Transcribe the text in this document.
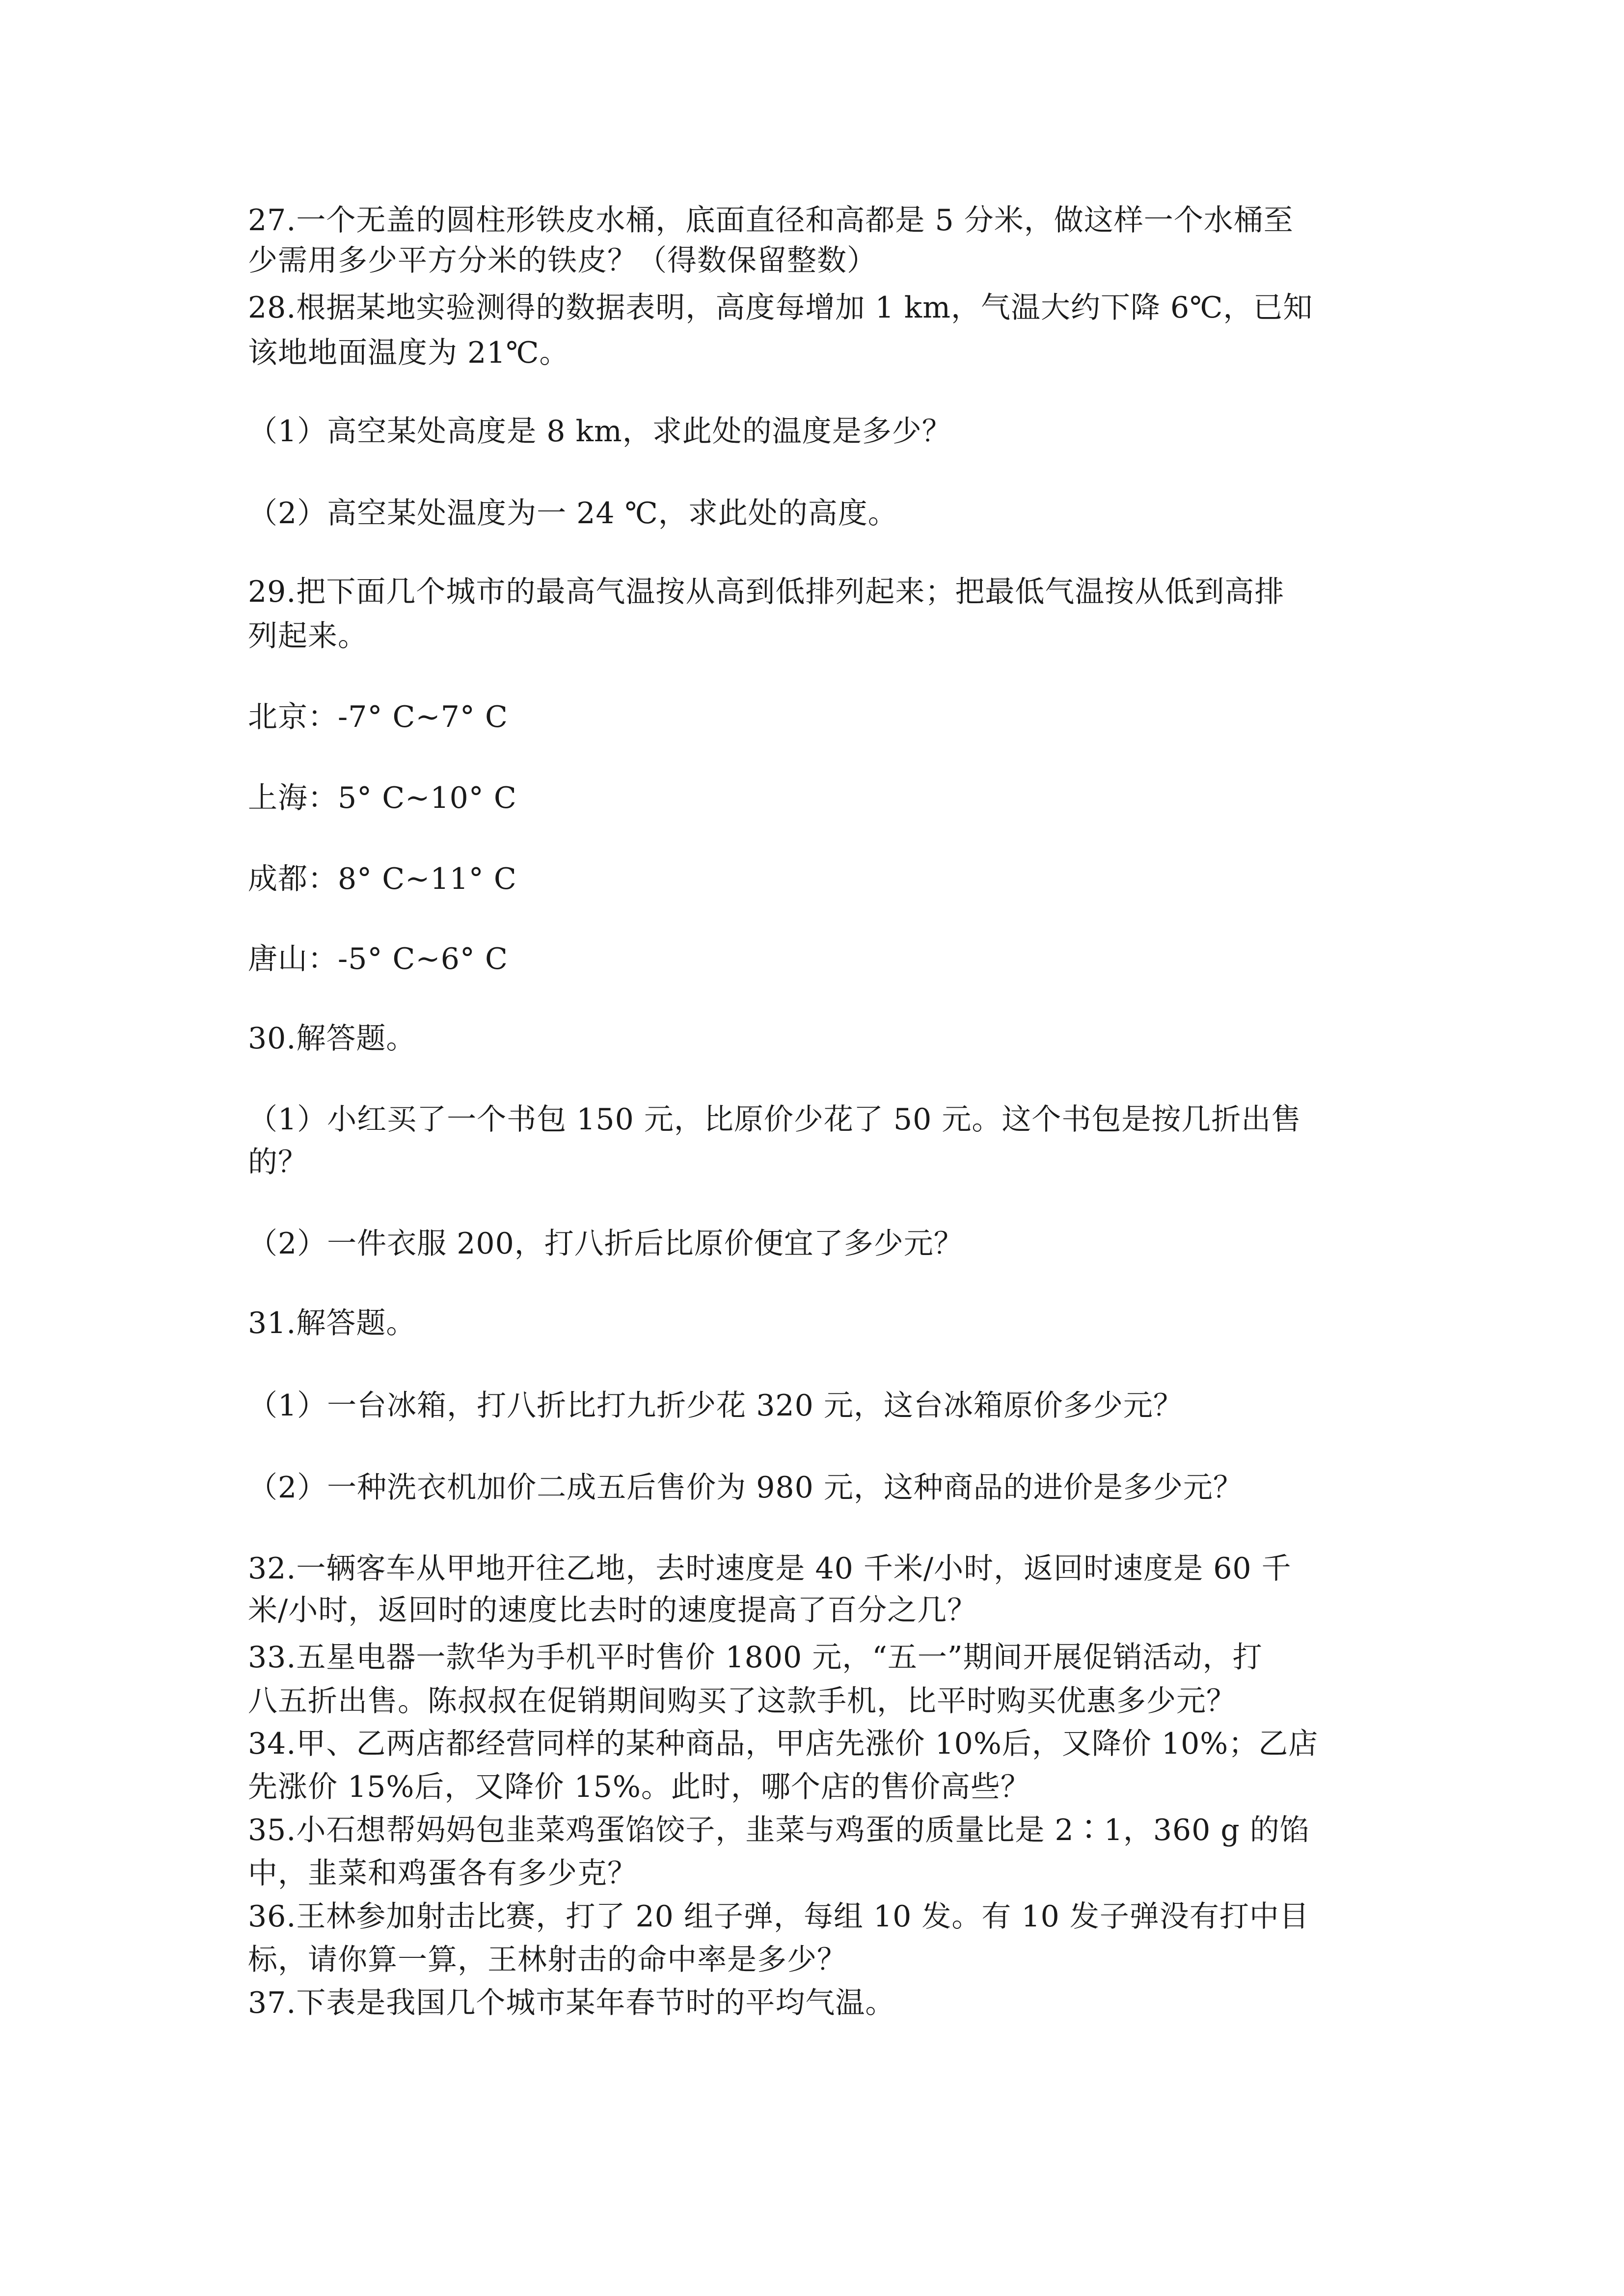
27.一个无盖的圆柱形铁皮水桶，底面直径和高都是 5 分米，做这样一个水桶至
少需用多少平方分米的铁皮？（得数保留整数）
28.根据某地实验测得的数据表明，高度每增加 1 km，气温大约下降 6℃，已知
该地地面温度为 21℃。
（1）高空某处高度是 8 km，求此处的温度是多少？
（2）高空某处温度为一 24 ℃，求此处的高度。
29.把下面几个城市的最高气温按从高到低排列起来；把最低气温按从低到高排
列起来。
北京：-7° C~7° C
上海：5° C~10° C
成都：8° C~11° C
唐山：-5° C~6° C
30.解答题。
（1）小红买了一个书包 150 元，比原价少花了 50 元。这个书包是按几折出售
的？
（2）一件衣服 200，打八折后比原价便宜了多少元？
31.解答题。
（1）一台冰箱，打八折比打九折少花 320 元，这台冰箱原价多少元？
（2）一种洗衣机加价二成五后售价为 980 元，这种商品的进价是多少元？
32.一辆客车从甲地开往乙地，去时速度是 40 千米/小时，返回时速度是 60 千
米/小时，返回时的速度比去时的速度提高了百分之几？
33.五星电器一款华为手机平时售价 1800 元，“五一”期间开展促销活动，打
八五折出售。陈叔叔在促销期间购买了这款手机，比平时购买优惠多少元？
34.甲、乙两店都经营同样的某种商品，甲店先涨价 10%后，又降价 10%；乙店
先涨价 15%后，又降价 15%。此时，哪个店的售价高些？
35.小石想帮妈妈包韭菜鸡蛋馅饺子，韭菜与鸡蛋的质量比是 2∶1，360 g 的馅
中，韭菜和鸡蛋各有多少克？
36.王林参加射击比赛，打了 20 组子弹，每组 10 发。有 10 发子弹没有打中目
标，请你算一算，王林射击的命中率是多少？
37.下表是我国几个城市某年春节时的平均气温。
